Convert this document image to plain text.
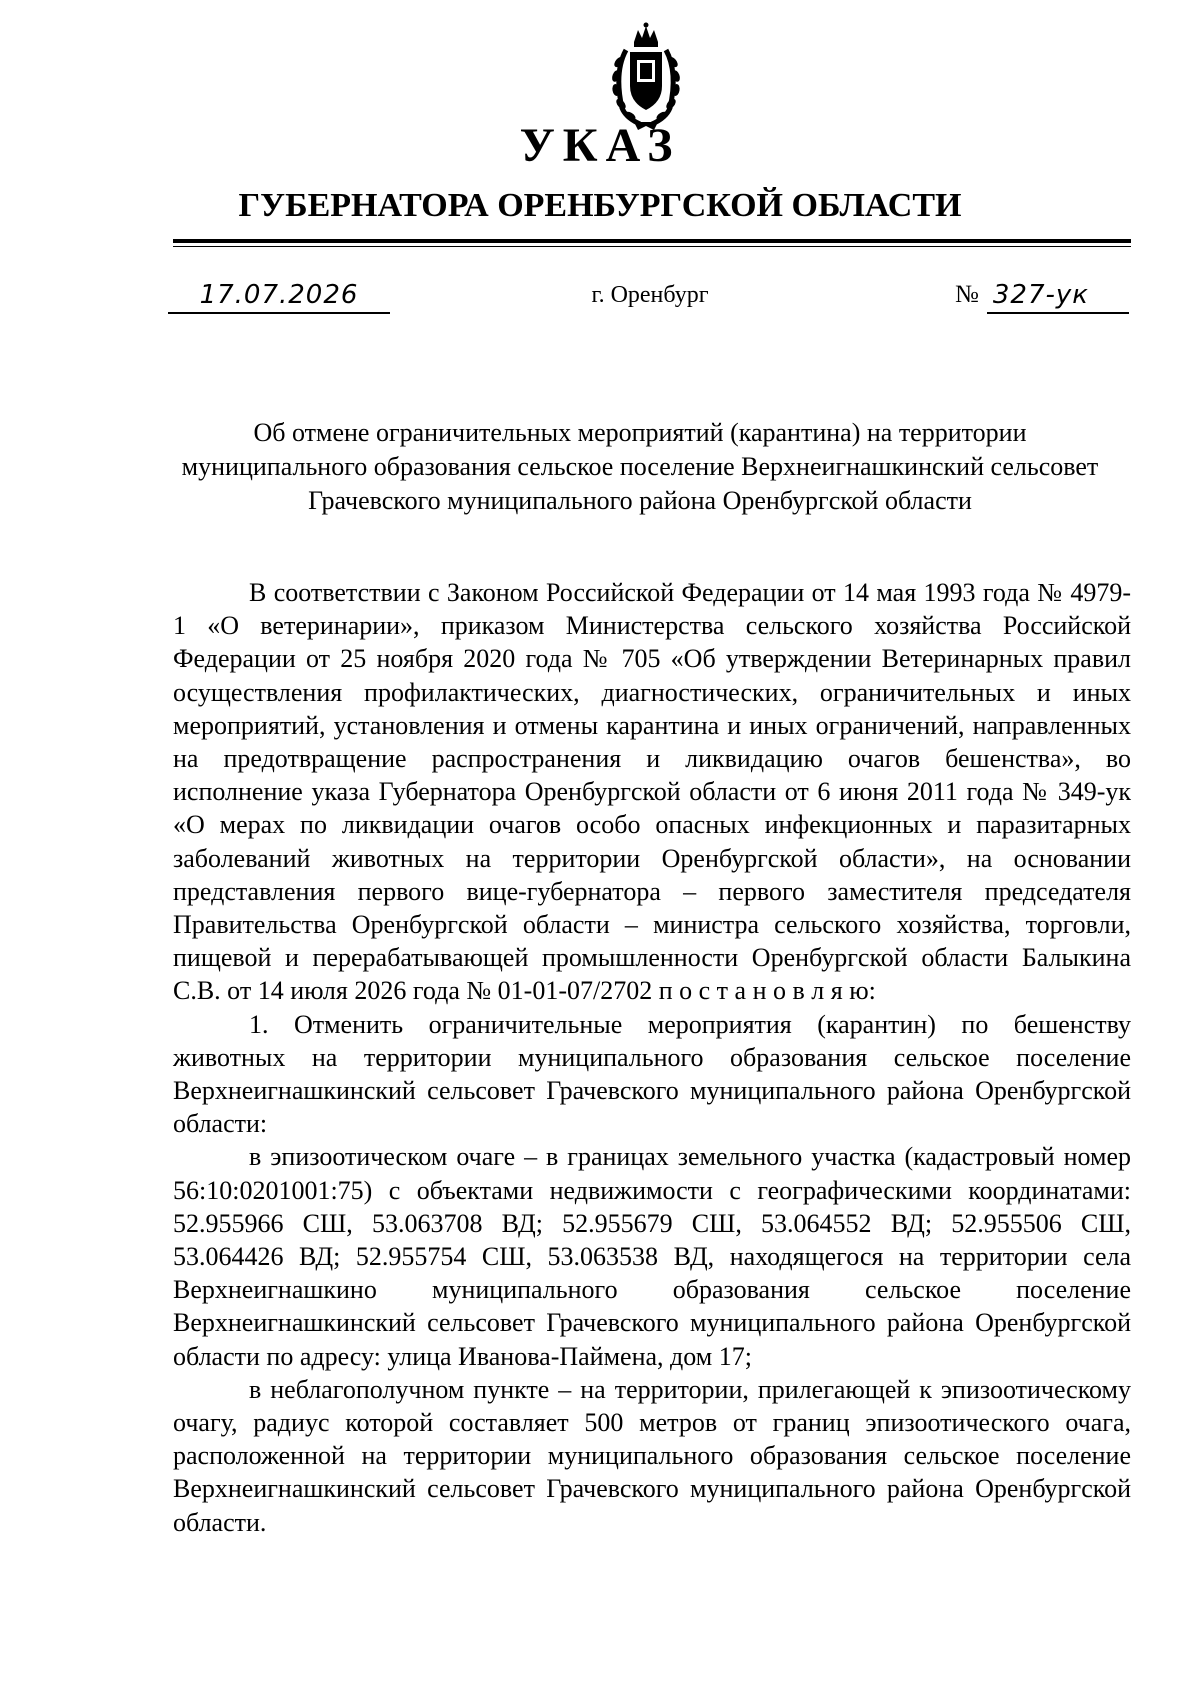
УКАЗ
ГУБЕРНАТОРА ОРЕНБУРГСКОЙ ОБЛАСТИ
17.07.2026	г. Оренбург	№ 327-ук
Об отмене ограничительных мероприятий (карантина) на территории муниципального образования сельское поселение Верхнеигнашкинский сельсовет Грачевского муниципального района Оренбургской области

В соответствии с Законом Российской Федерации от 14 мая 1993 года № 4979-1 «О ветеринарии», приказом Министерства сельского хозяйства Российской Федерации от 25 ноября 2020 года № 705 «Об утверждении Ветеринарных правил осуществления профилактических, диагностических, ограничительных и иных мероприятий, установления и отмены карантина и иных ограничений, направленных на предотвращение распространения и ликвидацию очагов бешенства», во исполнение указа Губернатора Оренбургской области от 6 июня 2011 года № 349-ук «О мерах по ликвидации очагов особо опасных инфекционных и паразитарных заболеваний животных на территории Оренбургской области», на основании представления первого вице-губернатора – первого заместителя председателя Правительства Оренбургской области – министра сельского хозяйства, торговли, пищевой и перерабатывающей промышленности Оренбургской области Балыкина С.В. от 14 июля 2026 года № 01-01-07/2702 п о с т а н о в л я ю:

1. Отменить ограничительные мероприятия (карантин) по бешенству животных на территории муниципального образования сельское поселение Верхнеигнашкинский сельсовет Грачевского муниципального района Оренбургской области:

в эпизоотическом очаге – в границах земельного участка (кадастровый номер 56:10:0201001:75) с объектами недвижимости с географическими координатами: 52.955966 СШ, 53.063708 ВД; 52.955679 СШ, 53.064552 ВД; 52.955506 СШ, 53.064426 ВД; 52.955754 СШ, 53.063538 ВД, находящегося на территории села Верхнеигнашкино муниципального образования сельское поселение Верхнеигнашкинский сельсовет Грачевского муниципального района Оренбургской области по адресу: улица Иванова-Паймена, дом 17;

в неблагополучном пункте – на территории, прилегающей к эпизоотическому очагу, радиус которой составляет 500 метров от границ эпизоотического очага, расположенной на территории муниципального образования сельское поселение Верхнеигнашкинский сельсовет Грачевского муниципального района Оренбургской области.
